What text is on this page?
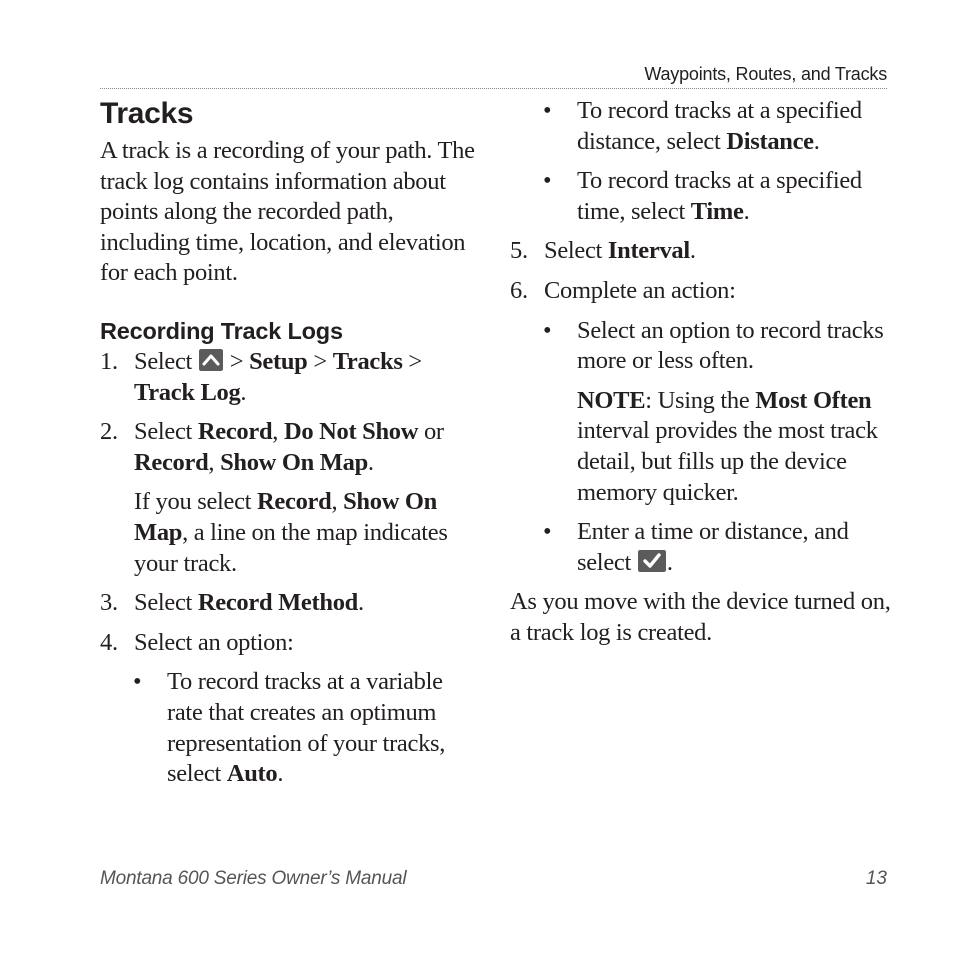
Waypoints, Routes, and Tracks
Tracks

A track is a recording of your path. The track log contains information about points along the recorded path, including time, location, and elevation for each point.

Recording Track Logs

1. Select > Setup > Tracks > Track Log.

2. Select Record, Do Not Show or Record, Show On Map.

If you select Record, Show On Map, a line on the map indicates your track.

3. Select Record Method.

4. Select an option:

• To record tracks at a variable rate that creates an optimum representation of your tracks, select Auto.

• To record tracks at a specified distance, select Distance.

• To record tracks at a specified time, select Time.

5. Select Interval.

6. Complete an action:

• Select an option to record tracks more or less often.

NOTE: Using the Most Often interval provides the most track detail, but fills up the device memory quicker.

• Enter a time or distance, and select .

As you move with the device turned on, a track log is created.

Montana 600 Series Owner’s Manual	13
